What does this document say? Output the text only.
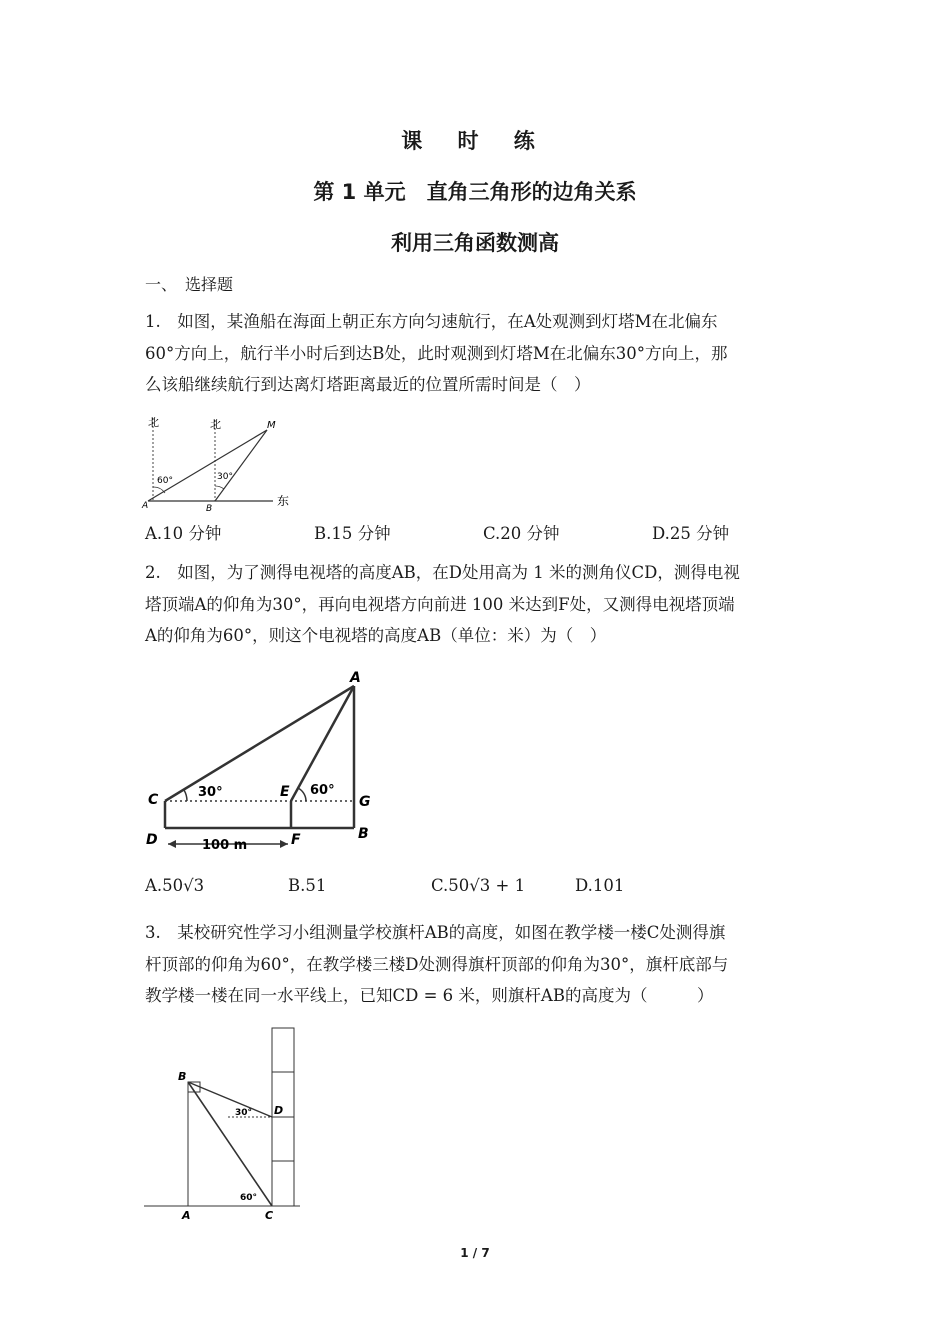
课 时 练
第 1 单元　直角三角形的边角关系
利用三角函数测高
一、　选择题
1.　如图，某渔船在海面上朝正东方向匀速航行，在A处观测到灯塔M在北偏东
60°方向上，航行半小时后到达B处，此时观测到灯塔M在北偏东30°方向上，那
么该船继续航行到达离灯塔距离最近的位置所需时间是（　）
北	北	M
60°	30°
A	B
东
A.10 分钟	B.15 分钟	C.20 分钟	D.25 分钟
2.　如图，为了测得电视塔的高度AB，在D处用高为 1 米的测角仪CD，测得电视
塔顶端A的仰角为30°，再向电视塔方向前进 100 米达到F处，又测得电视塔顶端
A的仰角为60°，则这个电视塔的高度AB（单位：米）为（　）
A
C	30°	E 60°
G
D	100 m	F	B
A.50√3	B.51	C.50√3 + 1	D.101
3.　某校研究性学习小组测量学校旗杆AB的高度，如图在教学楼一楼C处测得旗
杆顶部的仰角为60°，在教学楼三楼D处测得旗杆顶部的仰角为30°，旗杆底部与
教学楼一楼在同一水平线上，已知CD = 6 米，则旗杆AB的高度为（　　　）
B
30° D
60°
A	C
1 / 7
